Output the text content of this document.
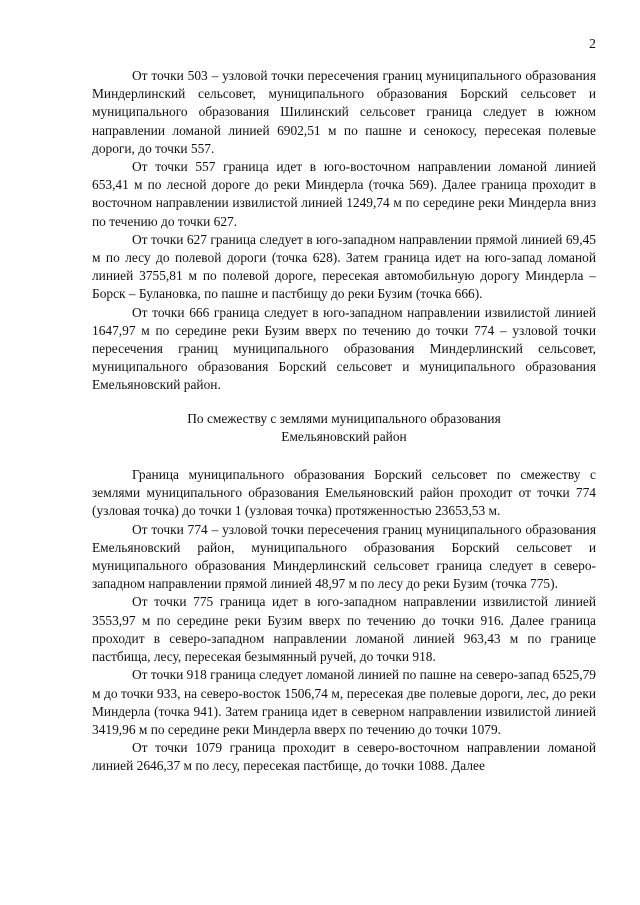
2

От точки 503 – узловой точки пересечения границ муниципального образования Миндерлинский сельсовет, муниципального образования Борский сельсовет и муниципального образования Шилинский сельсовет граница следует в южном направлении ломаной линией 6902,51 м по пашне и сенокосу, пересекая полевые дороги, до точки 557.

От точки 557 граница идет в юго-восточном направлении ломаной линией 653,41 м по лесной дороге до реки Миндерла (точка 569). Далее граница проходит в восточном направлении извилистой линией 1249,74 м по середине реки Миндерла вниз по течению до точки 627.

От точки 627 граница следует в юго-западном направлении прямой линией 69,45 м по лесу до полевой дороги (точка 628). Затем граница идет на юго-запад ломаной линией 3755,81 м по полевой дороге, пересекая автомобильную дорогу Миндерла – Борск – Булановка, по пашне и пастбищу до реки Бузим (точка 666).

От точки 666 граница следует в юго-западном направлении извилистой линией 1647,97 м по середине реки Бузим вверх по течению до точки 774 – узловой точки пересечения границ муниципального образования Миндерлинский сельсовет, муниципального образования Борский сельсовет и муниципального образования Емельяновский район.

По смежеству с землями муниципального образования
Емельяновский район

Граница муниципального образования Борский сельсовет по смежеству с землями муниципального образования Емельяновский район проходит от точки 774 (узловая точка) до точки 1 (узловая точка) протяженностью 23653,53 м.

От точки 774 – узловой точки пересечения границ муниципального образования Емельяновский район, муниципального образования Борский сельсовет и муниципального образования Миндерлинский сельсовет граница следует в северо-западном направлении прямой линией 48,97 м по лесу до реки Бузим (точка 775).

От точки 775 граница идет в юго-западном направлении извилистой линией 3553,97 м по середине реки Бузим вверх по течению до точки 916. Далее граница проходит в северо-западном направлении ломаной линией 963,43 м по границе пастбища, лесу, пересекая безымянный ручей, до точки 918.

От точки 918 граница следует ломаной линией по пашне на северо-запад 6525,79 м до точки 933, на северо-восток 1506,74 м, пересекая две полевые дороги, лес, до реки Миндерла (точка 941). Затем граница идет в северном направлении извилистой линией 3419,96 м по середине реки Миндерла вверх по течению до точки 1079.

От точки 1079 граница проходит в северо-восточном направлении ломаной линией 2646,37 м по лесу, пересекая пастбище, до точки 1088. Далее
